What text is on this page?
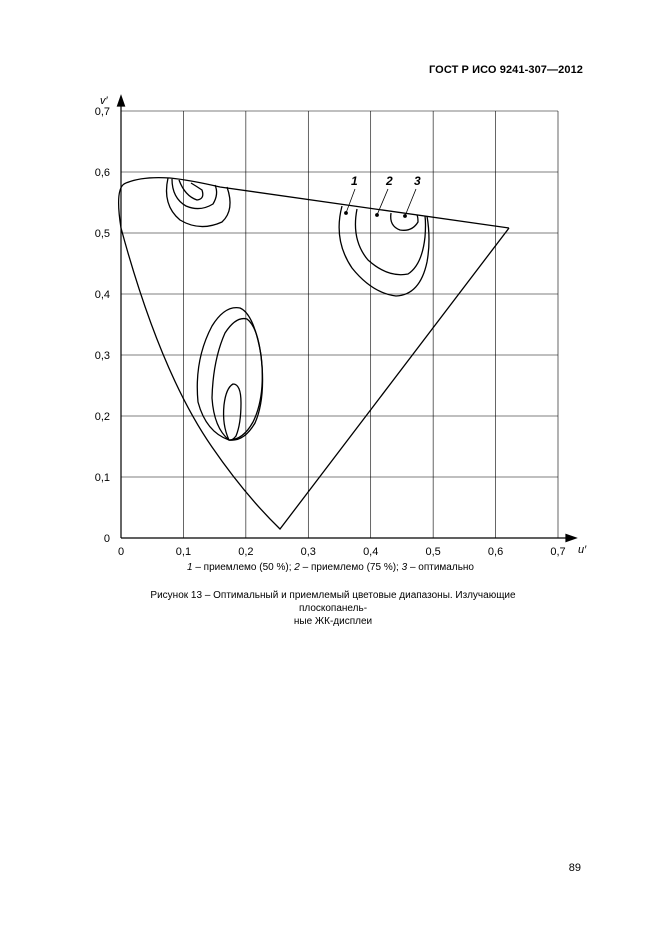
ГОСТ Р ИСО 9241-307—2012
0	0,1	0,2	0,3	0,4	0,5	0,6	0,7
0
0,1
0,2
0,3
0,4
0,5
0,6
0,7
u′
v′
1 2 3
1 – приемлемо (50 %); 2 – приемлемо (75 %); 3 – оптимально
Рисунок 13 – Оптимальный и приемлемый цветовые диапазоны. Излучающие плоскопанель-
ные ЖК-дисплеи
89
